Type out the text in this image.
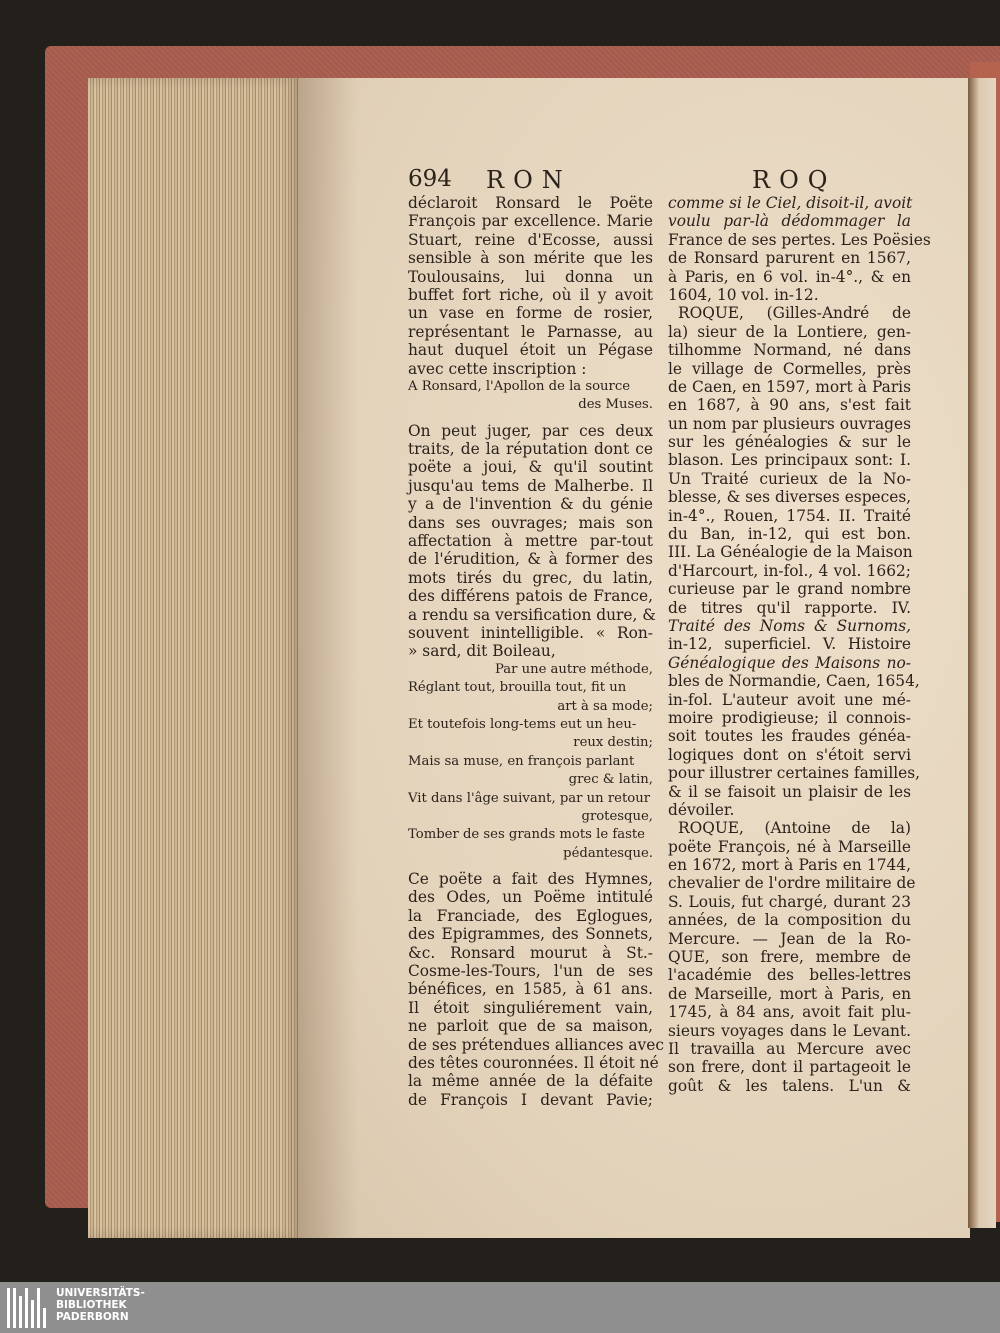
694 RON	ROQ
déclaroit Ronsard le Poëte
François par excellence. Marie
Stuart, reine d'Ecosse, aussi
sensible à son mérite que les
Toulousains, lui donna un
buffet fort riche, où il y avoit
un vase en forme de rosier,
représentant le Parnasse, au
haut duquel étoit un Pégase
avec cette inscription :
A Ronsard, l'Apollon de la source
des Muses.
On peut juger, par ces deux
traits, de la réputation dont ce
poëte a joui, & qu'il soutint
jusqu'au tems de Malherbe. Il
y a de l'invention & du génie
dans ses ouvrages; mais son
affectation à mettre par-tout
de l'érudition, & à former des
mots tirés du grec, du latin,
des différens patois de France,
a rendu sa versification dure, &
souvent inintelligible. « Ron-
» sard, dit Boileau,
Par une autre méthode,
Réglant tout, brouilla tout, fit un
art à sa mode;
Et toutefois long-tems eut un heu-
reux destin;
Mais sa muse, en françois parlant
grec & latin,
Vit dans l'âge suivant, par un retour
grotesque,
Tomber de ses grands mots le faste
pédantesque.
Ce poëte a fait des Hymnes,
des Odes, un Poëme intitulé
la Franciade, des Eglogues,
des Epigrammes, des Sonnets,
&c. Ronsard mourut à St.-
Cosme-les-Tours, l'un de ses
bénéfices, en 1585, à 61 ans.
Il étoit singuliérement vain,
ne parloit que de sa maison,
de ses prétendues alliances avec
des têtes couronnées. Il étoit né
la même année de la défaite
de François I devant Pavie;
comme si le Ciel, disoit-il, avoit
voulu par-là dédommager la
France de ses pertes. Les Poësies
de Ronsard parurent en 1567,
à Paris, en 6 vol. in-4°., & en
1604, 10 vol. in-12.
ROQUE, (Gilles-André de
la) sieur de la Lontiere, gen-
tilhomme Normand, né dans
le village de Cormelles, près
de Caen, en 1597, mort à Paris
en 1687, à 90 ans, s'est fait
un nom par plusieurs ouvrages
sur les généalogies & sur le
blason. Les principaux sont: I.
Un Traité curieux de la No-
blesse, & ses diverses especes,
in-4°., Rouen, 1754. II. Traité
du Ban, in-12, qui est bon.
III. La Généalogie de la Maison
d'Harcourt, in-fol., 4 vol. 1662;
curieuse par le grand nombre
de titres qu'il rapporte. IV.
Traité des Noms & Surnoms,
in-12, superficiel. V. Histoire
Généalogique des Maisons no-
bles de Normandie, Caen, 1654,
in-fol. L'auteur avoit une mé-
moire prodigieuse; il connois-
soit toutes les fraudes généa-
logiques dont on s'étoit servi
pour illustrer certaines familles,
& il se faisoit un plaisir de les
dévoiler.
ROQUE, (Antoine de la)
poëte François, né à Marseille
en 1672, mort à Paris en 1744,
chevalier de l'ordre militaire de
S. Louis, fut chargé, durant 23
années, de la composition du
Mercure. — Jean de la Ro-
QUE, son frere, membre de
l'académie des belles-lettres
de Marseille, mort à Paris, en
1745, à 84 ans, avoit fait plu-
sieurs voyages dans le Levant.
Il travailla au Mercure avec
son frere, dont il partageoit le
goût & les talens. L'un &
UNIVERSITÄTS-
BIBLIOTHEK
PADERBORN
